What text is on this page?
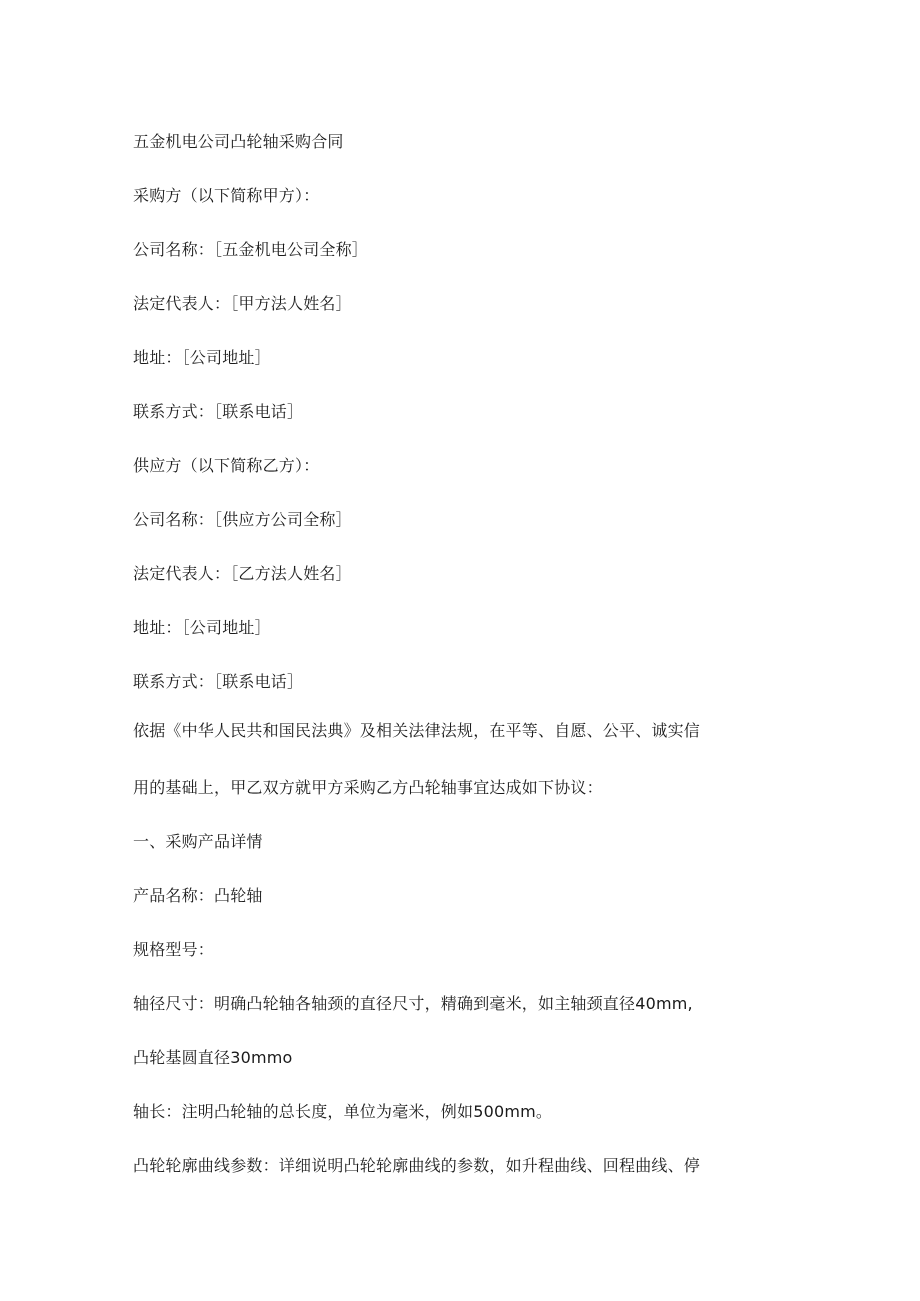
五金机电公司凸轮轴采购合同
采购方（以下简称甲方）：
公司名称：［五金机电公司全称］
法定代表人：［甲方法人姓名］
地址：［公司地址］
联系方式：［联系电话］
供应方（以下简称乙方）：
公司名称：［供应方公司全称］
法定代表人：［乙方法人姓名］
地址：［公司地址］
联系方式：［联系电话］
依据《中华人民共和国民法典》及相关法律法规，在平等、自愿、公平、诚实信
用的基础上，甲乙双方就甲方采购乙方凸轮轴事宜达成如下协议：
一、采购产品详情
产品名称：凸轮轴
规格型号：
轴径尺寸：明确凸轮轴各轴颈的直径尺寸，精确到毫米，如主轴颈直径40mm,
凸轮基圆直径30mmo
轴长：注明凸轮轴的总长度，单位为毫米，例如500mm。
凸轮轮廓曲线参数：详细说明凸轮轮廓曲线的参数，如升程曲线、回程曲线、停
